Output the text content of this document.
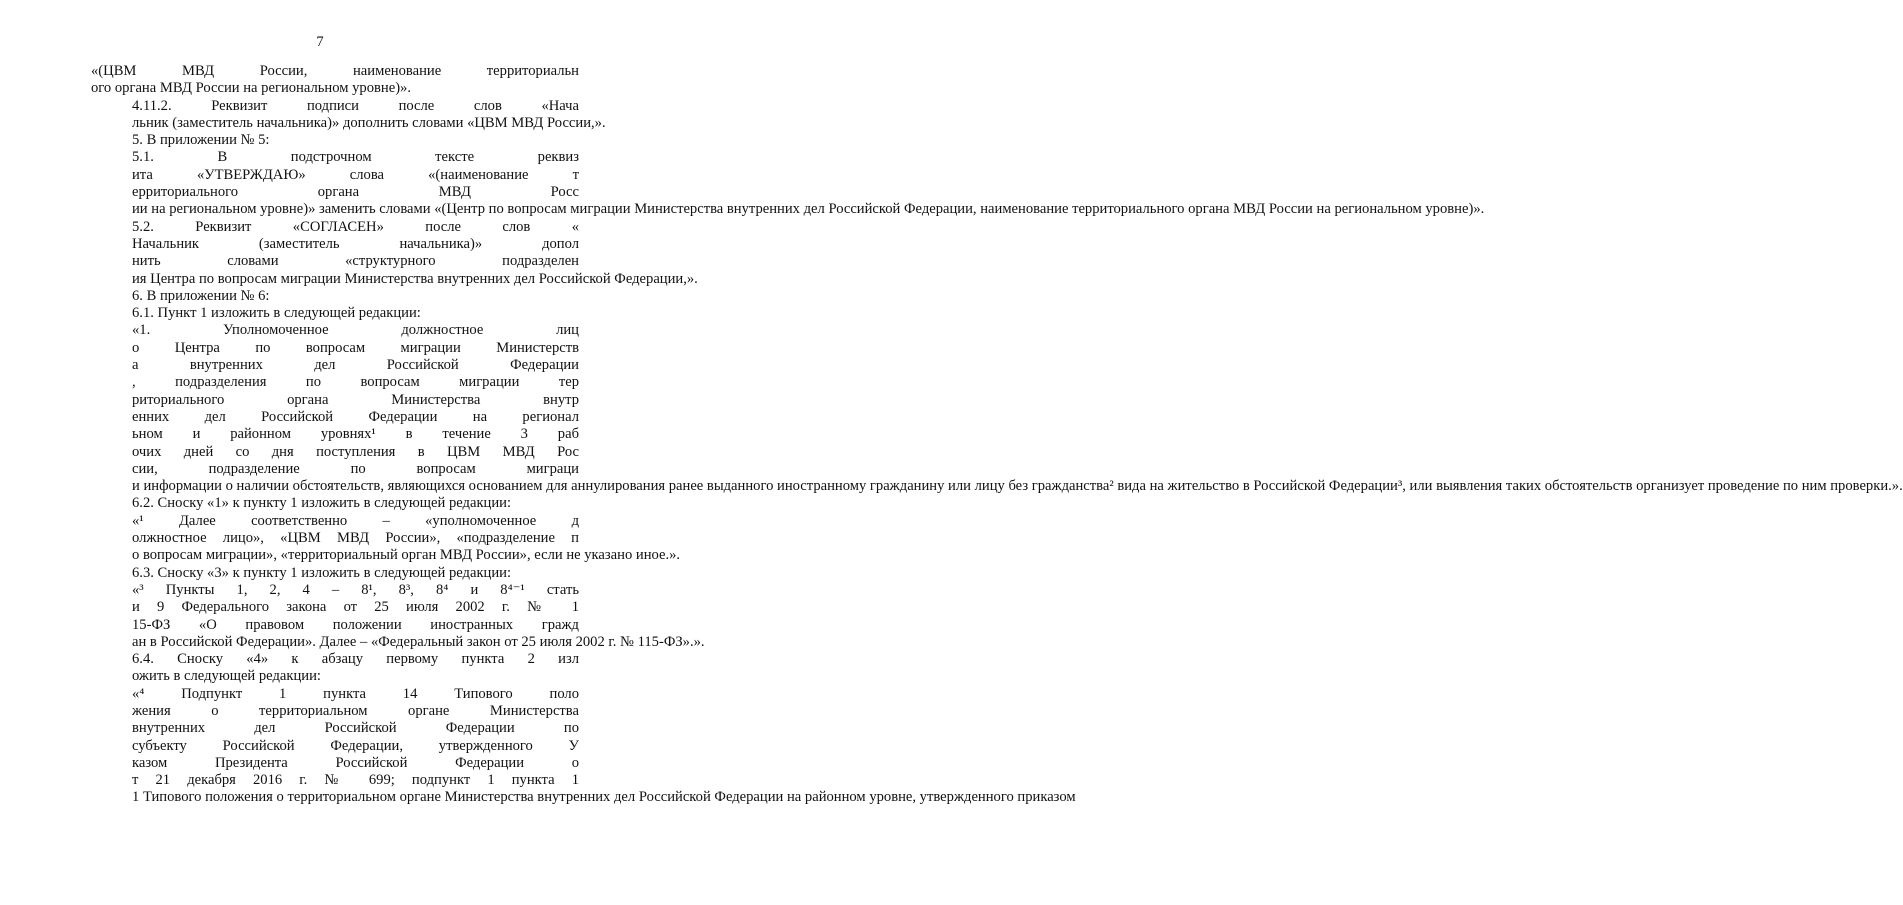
7
«(ЦВМ МВД России, наименование территориальн
ого органа МВД России на региональном уровне)».
4.11.2. Реквизит подписи после слов «Нача
льник (заместитель начальника)» дополнить словами «ЦВМ МВД России,».
5. В приложении № 5:
5.1. В подстрочном тексте реквиз
ита «УТВЕРЖДАЮ» слова «(наименование т
ерриториального органа МВД Росс
ии на региональном уровне)» заменить словами «(Центр по вопросам миграции Министерства внутренних дел Российской Федерации, наименование территориального органа МВД России на региональном уровне)».
5.2. Реквизит «СОГЛАСЕН» после слов «
Начальник (заместитель начальника)» допол
нить словами «структурного подразделен
ия Центра по вопросам миграции Министерства внутренних дел Российской Федерации,».
6. В приложении № 6:
6.1. Пункт 1 изложить в следующей редакции:
«1. Уполномоченное должностное лиц
о Центра по вопросам миграции Министерств
а внутренних дел Российской Федерации
, подразделения по вопросам миграции тер
риториального органа Министерства внутр
енних дел Российской Федерации на регионал
ьном и районном уровнях¹ в течение 3 раб
очих дней со дня поступления в ЦВМ МВД Рос
сии, подразделение по вопросам миграци
и информации о наличии обстоятельств, являющихся основанием для аннулирования ранее выданного иностранному гражданину или лицу без гражданства² вида на жительство в Российской Федерации³, или выявления таких обстоятельств организует проведение по ним проверки.».
6.2. Сноску «1» к пункту 1 изложить в следующей редакции:
«¹ Далее соответственно – «уполномоченное д
олжностное лицо», «ЦВМ МВД России», «подразделение п
о вопросам миграции», «территориальный орган МВД России», если не указано иное.».
6.3. Сноску «3» к пункту 1 изложить в следующей редакции:
«³ Пункты 1, 2, 4 – 8¹, 8³, 8⁴ и 8⁴⁻¹ стать
и 9 Федерального закона от 25 июля 2002 г. № 1
15-ФЗ «О правовом положении иностранных гражд
ан в Российской Федерации». Далее – «Федеральный закон от 25 июля 2002 г. № 115-ФЗ».».
6.4. Сноску «4» к абзацу первому пункта 2 изл
ожить в следующей редакции:
«⁴ Подпункт 1 пункта 14 Типового поло
жения о территориальном органе Министерства
внутренних дел Российской Федерации по
субъекту Российской Федерации, утвержденного У
казом Президента Российской Федерации о
т 21 декабря 2016 г. № 699; подпункт 1 пункта 1
1 Типового положения о территориальном органе Министерства внутренних дел Российской Федерации на районном уровне, утвержденного приказом
